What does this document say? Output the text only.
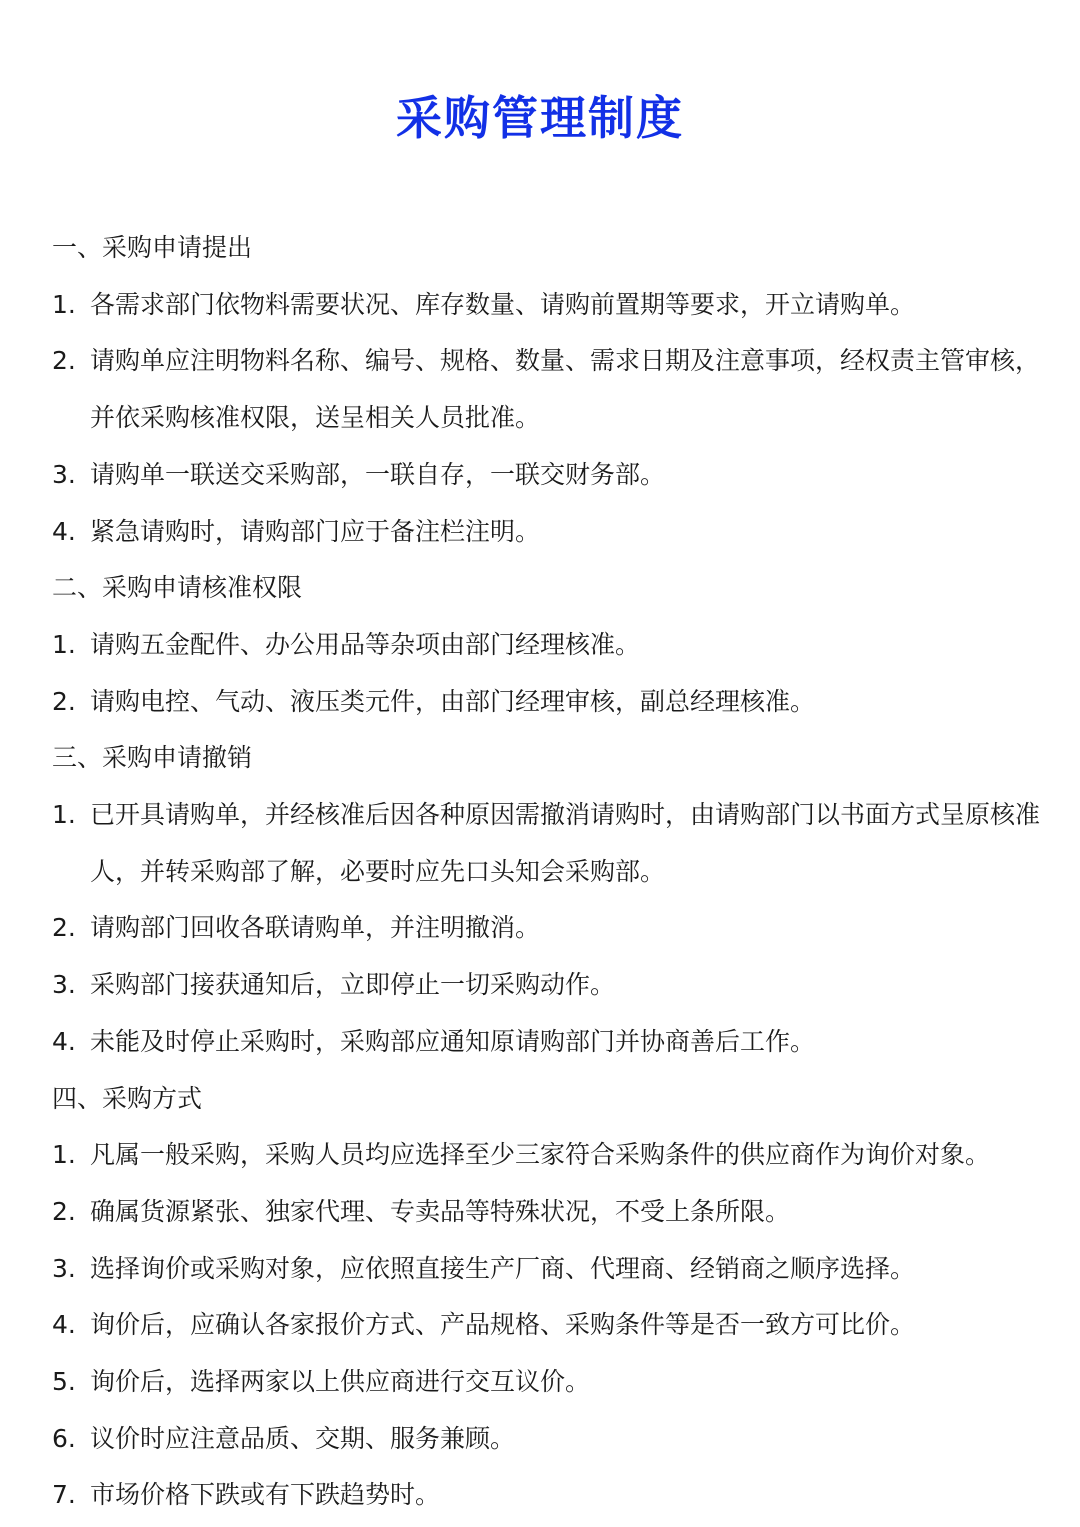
采购管理制度
一、采购申请提出
1. 各需求部门依物料需要状况、库存数量、请购前置期等要求，开立请购单。
2. 请购单应注明物料名称、编号、规格、数量、需求日期及注意事项，经权责主管审核，并依采购核准权限，送呈相关人员批准。
3. 请购单一联送交采购部，一联自存，一联交财务部。
4. 紧急请购时，请购部门应于备注栏注明。
二、采购申请核准权限
1. 请购五金配件、办公用品等杂项由部门经理核准。
2. 请购电控、气动、液压类元件，由部门经理审核，副总经理核准。
三、采购申请撤销
1. 已开具请购单，并经核准后因各种原因需撤消请购时，由请购部门以书面方式呈原核准人，并转采购部了解，必要时应先口头知会采购部。
2. 请购部门回收各联请购单，并注明撤消。
3. 采购部门接获通知后，立即停止一切采购动作。
4. 未能及时停止采购时，采购部应通知原请购部门并协商善后工作。
四、采购方式
1. 凡属一般采购，采购人员均应选择至少三家符合采购条件的供应商作为询价对象。
2. 确属货源紧张、独家代理、专卖品等特殊状况，不受上条所限。
3. 选择询价或采购对象，应依照直接生产厂商、代理商、经销商之顺序选择。
4. 询价后，应确认各家报价方式、产品规格、采购条件等是否一致方可比价。
5. 询价后，选择两家以上供应商进行交互议价。
6. 议价时应注意品质、交期、服务兼顾。
7. 市场价格下跌或有下跌趋势时。
